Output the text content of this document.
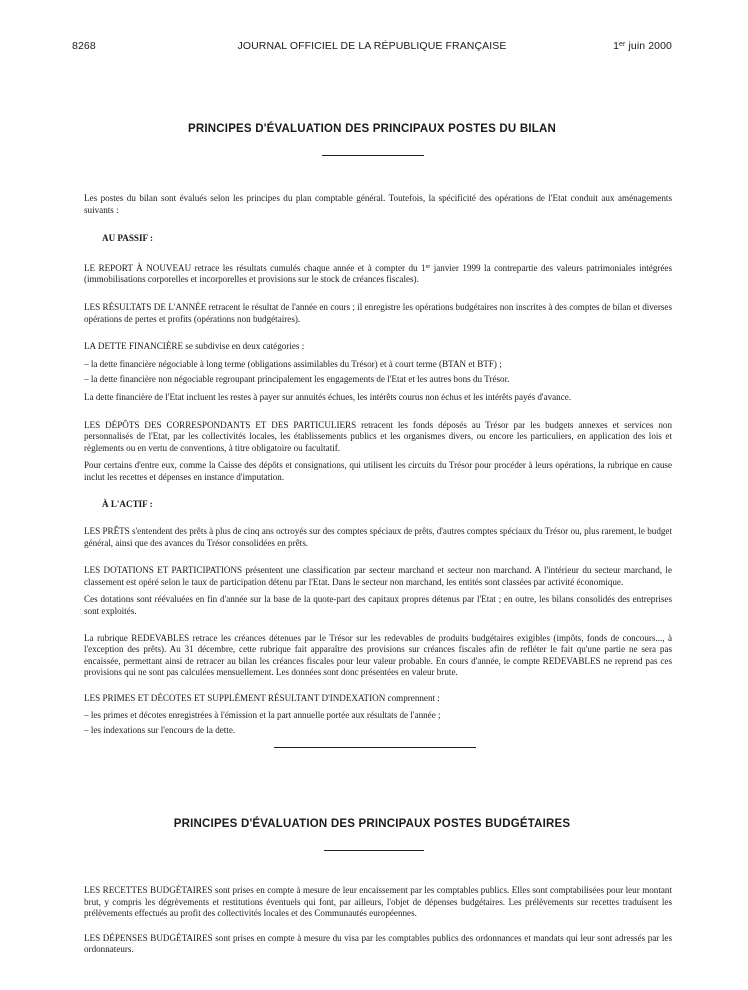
8268	JOURNAL OFFICIEL DE LA RÉPUBLIQUE FRANÇAISE	1er juin 2000
PRINCIPES D'ÉVALUATION DES PRINCIPAUX POSTES DU BILAN

Les postes du bilan sont évalués selon les principes du plan comptable général. Toutefois, la spécificité des opérations de l'Etat conduit aux aménagements suivants :

AU PASSIF :

LE REPORT À NOUVEAU retrace les résultats cumulés chaque année et à compter du 1er janvier 1999 la contrepartie des valeurs patrimoniales intégrées (immobilisations corporelles et incorporelles et provisions sur le stock de créances fiscales).

LES RÉSULTATS DE L'ANNÉE retracent le résultat de l'année en cours ; il enregistre les opérations budgétaires non inscrites à des comptes de bilan et diverses opérations de pertes et profits (opérations non budgétaires).

LA DETTE FINANCIÈRE se subdivise en deux catégories :

– la dette financière négociable à long terme (obligations assimilables du Trésor) et à court terme (BTAN et BTF) ;

– la dette financière non négociable regroupant principalement les engagements de l'Etat et les autres bons du Trésor.

La dette financière de l'Etat incluent les restes à payer sur annuités échues, les intérêts courus non échus et les intérêts payés d'avance.

LES DÉPÔTS DES CORRESPONDANTS ET DES PARTICULIERS retracent les fonds déposés au Trésor par les budgets annexes et services non personnalisés de l'Etat, par les collectivités locales, les établissements publics et les organismes divers, ou encore les particuliers, en application des lois et règlements ou en vertu de conventions, à titre obligatoire ou facultatif.

Pour certains d'entre eux, comme la Caisse des dépôts et consignations, qui utilisent les circuits du Trésor pour procéder à leurs opérations, la rubrique en cause inclut les recettes et dépenses en instance d'imputation.

À L'ACTIF :

LES PRÊTS s'entendent des prêts à plus de cinq ans octroyés sur des comptes spéciaux de prêts, d'autres comptes spéciaux du Trésor ou, plus rarement, le budget général, ainsi que des avances du Trésor consolidées en prêts.

LES DOTATIONS ET PARTICIPATIONS présentent une classification par secteur marchand et secteur non marchand. A l'intérieur du secteur marchand, le classement est opéré selon le taux de participation détenu par l'Etat. Dans le secteur non marchand, les entités sont classées par activité économique.

Ces dotations sont réévaluées en fin d'année sur la base de la quote-part des capitaux propres détenus par l'Etat ; en outre, les bilans consolidés des entreprises sont exploités.

La rubrique REDEVABLES retrace les créances détenues par le Trésor sur les redevables de produits budgétaires exigibles (impôts, fonds de concours..., à l'exception des prêts). Au 31 décembre, cette rubrique fait apparaître des provisions sur créances fiscales afin de refléter le fait qu'une partie ne sera pas encaissée, permettant ainsi de retracer au bilan les créances fiscales pour leur valeur probable. En cours d'année, le compte REDEVABLES ne reprend pas ces provisions qui ne sont pas calculées mensuellement. Les données sont donc présentées en valeur brute.

LES PRIMES ET DÉCOTES ET SUPPLÉMENT RÉSULTANT D'INDEXATION comprennent :

– les primes et décotes enregistrées à l'émission et la part annuelle portée aux résultats de l'année ;

– les indexations sur l'encours de la dette.

PRINCIPES D'ÉVALUATION DES PRINCIPAUX POSTES BUDGÉTAIRES

LES RECETTES BUDGÉTAIRES sont prises en compte à mesure de leur encaissement par les comptables publics. Elles sont comptabilisées pour leur montant brut, y compris les dégrèvements et restitutions éventuels qui font, par ailleurs, l'objet de dépenses budgétaires. Les prélèvements sur recettes traduisent les prélèvements effectués au profit des collectivités locales et des Communautés européennes.

LES DÉPENSES BUDGÉTAIRES sont prises en compte à mesure du visa par les comptables publics des ordonnances et mandats qui leur sont adressés par les ordonnateurs.
